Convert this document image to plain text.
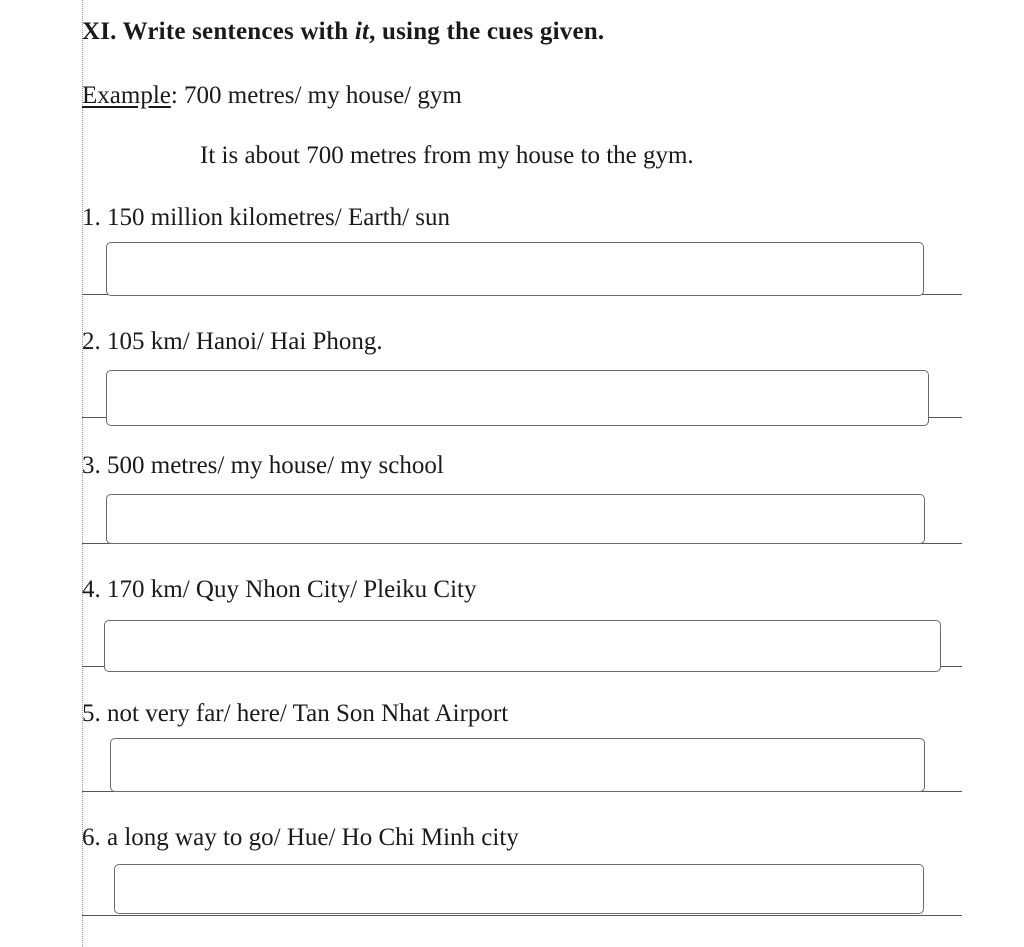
XI. Write sentences with it, using the cues given.
Example: 700 metres/ my house/ gym
It is about 700 metres from my house to the gym.
1. 150 million kilometres/ Earth/ sun
2. 105 km/ Hanoi/ Hai Phong.
3. 500 metres/ my house/ my school
4. 170 km/ Quy Nhon City/ Pleiku City
5. not very far/ here/ Tan Son Nhat Airport
6. a long way to go/ Hue/ Ho Chi Minh city
